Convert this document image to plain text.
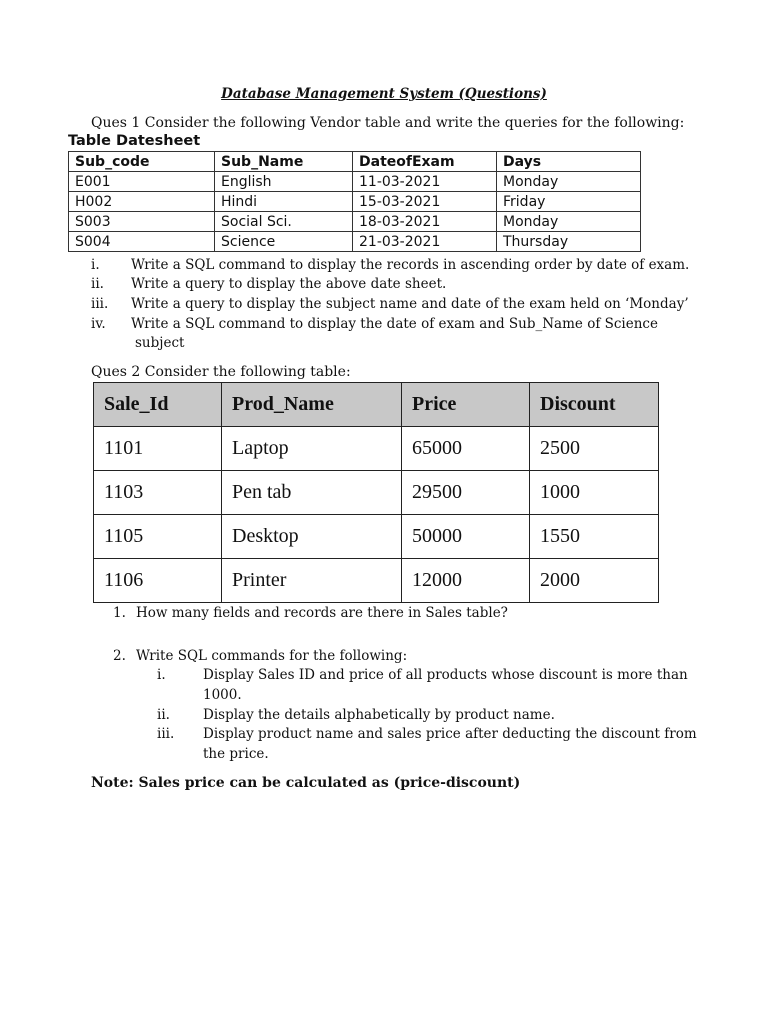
Database Management System (Questions)
Ques 1 Consider the following Vendor table and write the queries for the following:
Table Datesheet
Sub_code	Sub_Name	DateofExam	Days
E001	English	11-03-2021	Monday
H002	Hindi	15-03-2021	Friday
S003	Social Sci.	18-03-2021	Monday
S004	Science	21-03-2021	Thursday
i. Write a SQL command to display the records in ascending order by date of exam.
ii. Write a query to display the above date sheet.
iii. Write a query to display the subject name and date of the exam held on ‘Monday’
iv. Write a SQL command to display the date of exam and Sub_Name of Science
subject
Ques 2 Consider the following table:
Sale_Id	Prod_Name	Price	Discount
1101	Laptop	65000	2500
1103	Pen tab	29500	1000
1105	Desktop	50000	1550
1106	Printer	12000	2000
1. How many fields and records are there in Sales table?
2. Write SQL commands for the following:
i.	Display Sales ID and price of all products whose discount is more than
1000.
ii. Display the details alphabetically by product name.
iii. Display product name and sales price after deducting the discount from
the price.
Note: Sales price can be calculated as (price-discount)
